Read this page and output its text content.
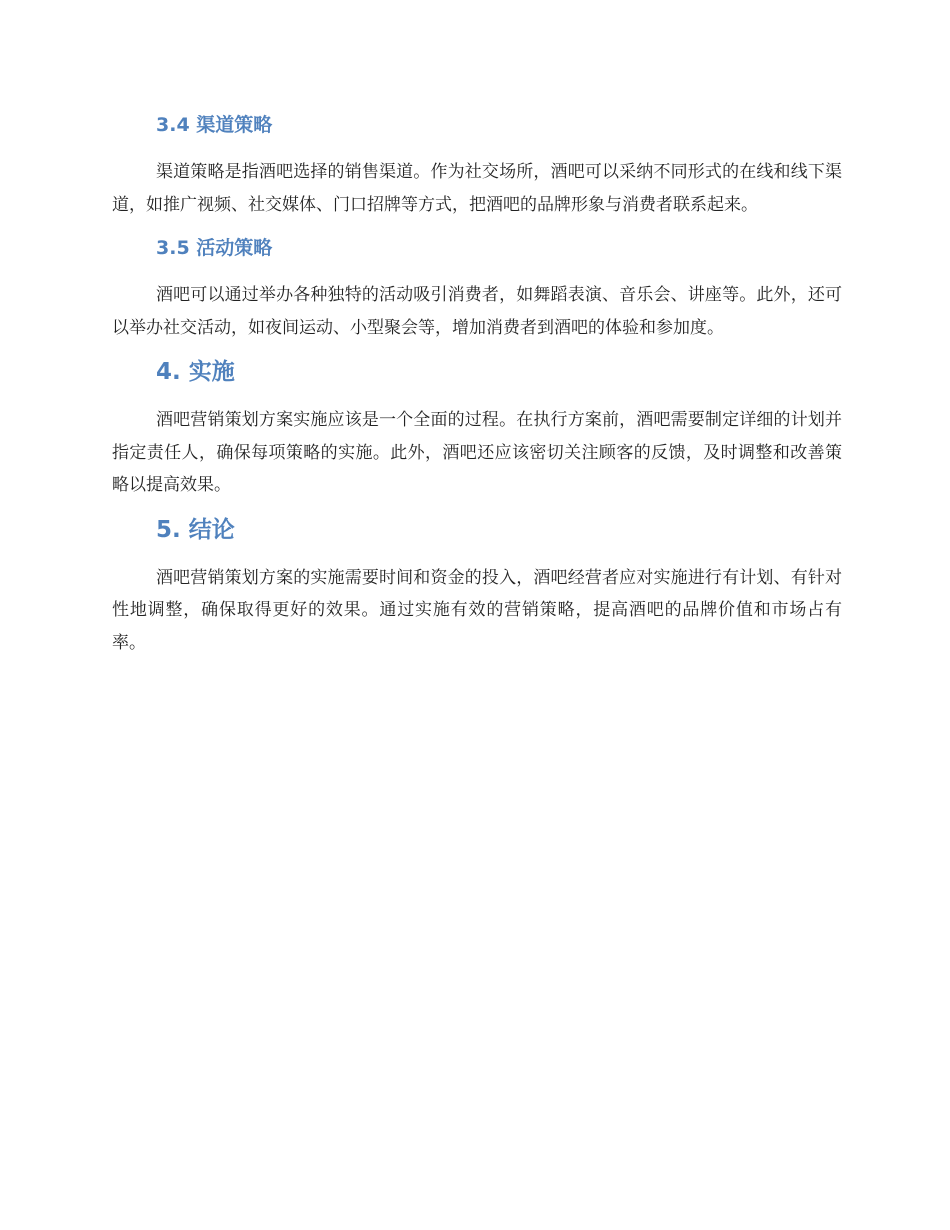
3.4 渠道策略

渠道策略是指酒吧选择的销售渠道。作为社交场所，酒吧可以采纳不同形式的在线和线下渠道，如推广视频、社交媒体、门口招牌等方式，把酒吧的品牌形象与消费者联系起来。

3.5 活动策略

酒吧可以通过举办各种独特的活动吸引消费者，如舞蹈表演、音乐会、讲座等。此外，还可以举办社交活动，如夜间运动、小型聚会等，增加消费者到酒吧的体验和参加度。

4. 实施

酒吧营销策划方案实施应该是一个全面的过程。在执行方案前，酒吧需要制定详细的计划并指定责任人，确保每项策略的实施。此外，酒吧还应该密切关注顾客的反馈，及时调整和改善策略以提高效果。

5. 结论

酒吧营销策划方案的实施需要时间和资金的投入，酒吧经营者应对实施进行有计划、有针对性地调整，确保取得更好的效果。通过实施有效的营销策略，提高酒吧的品牌价值和市场占有率。
